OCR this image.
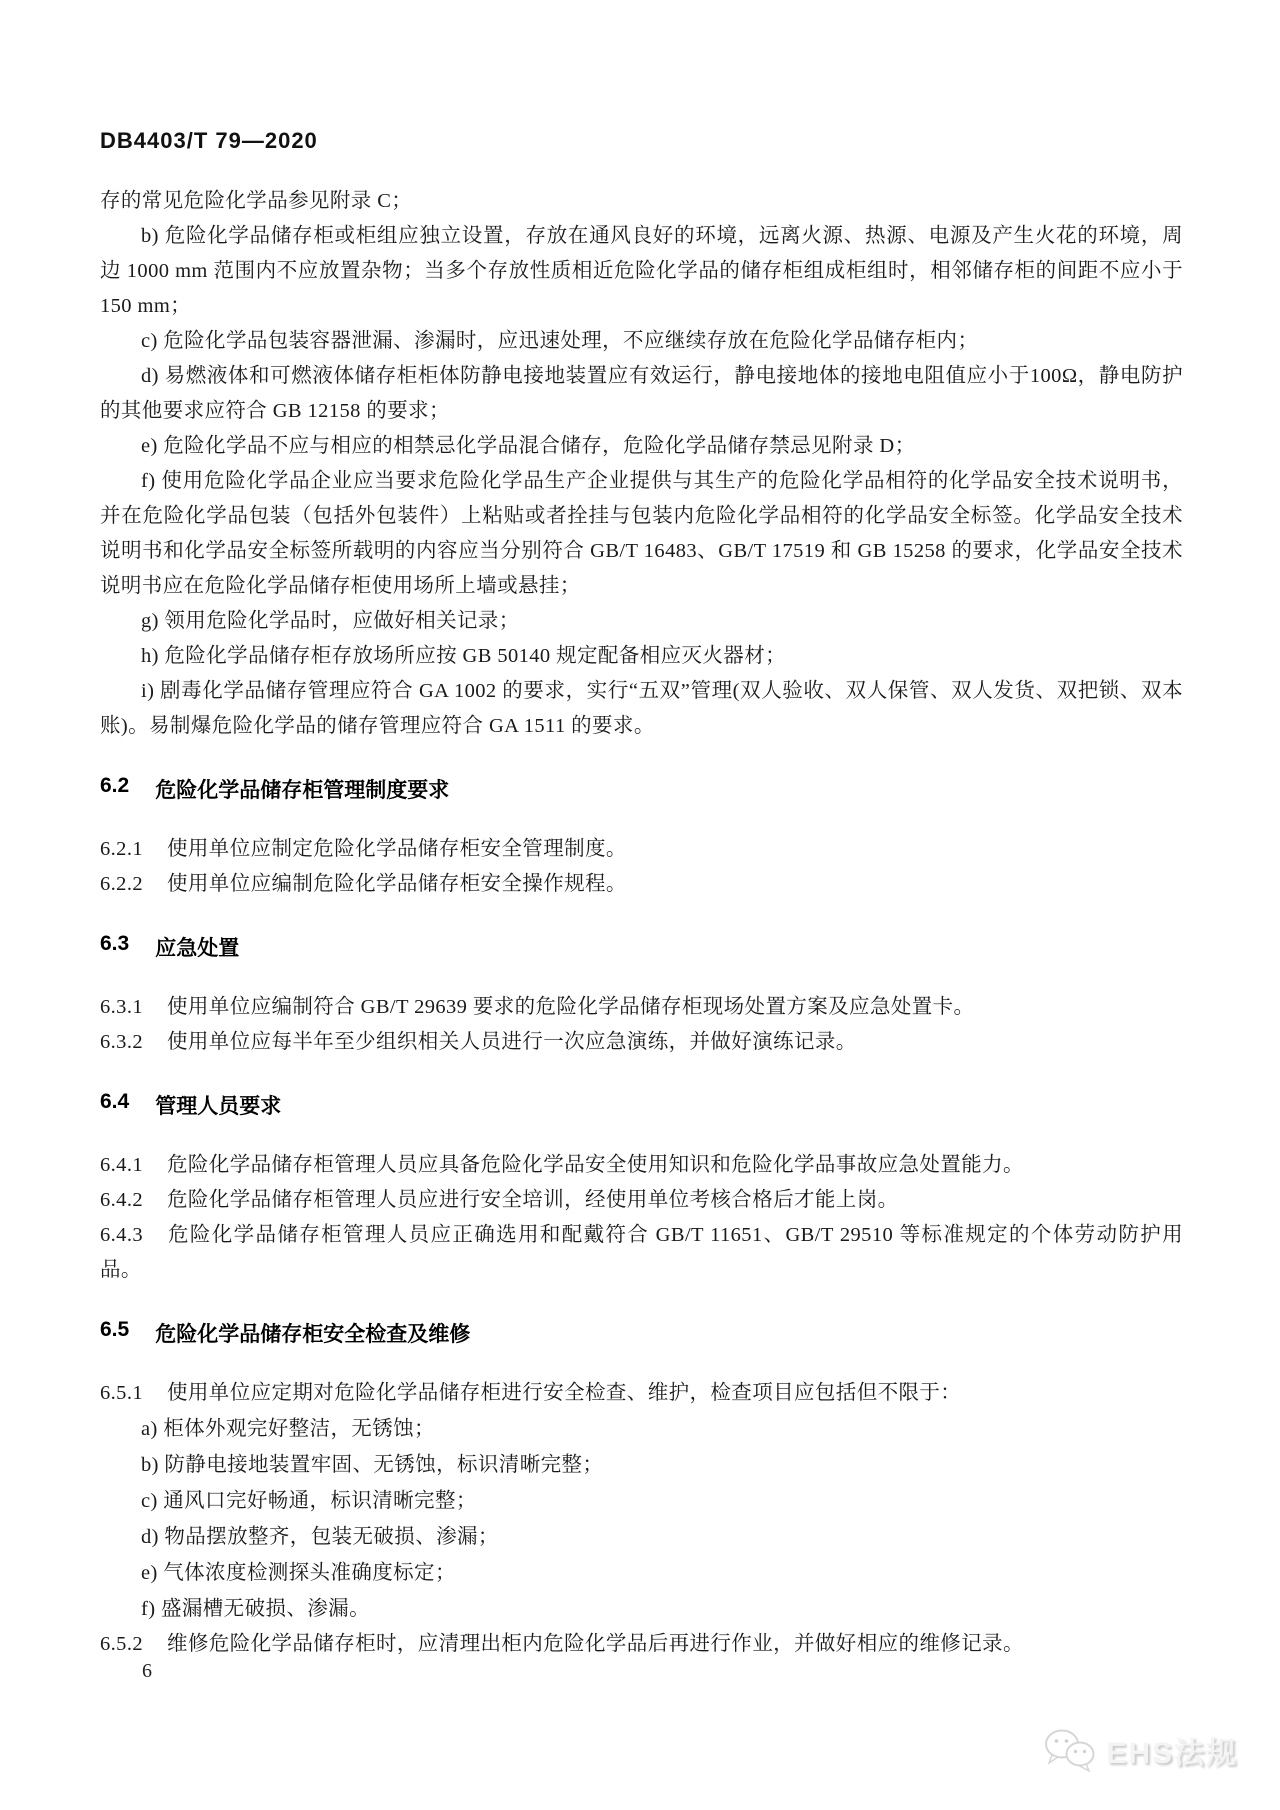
DB4403/T 79—2020

存的常见危险化学品参见附录 C；

b) 危险化学品储存柜或柜组应独立设置，存放在通风良好的环境，远离火源、热源、电源及产生火花的环境，周边 1000 mm 范围内不应放置杂物；当多个存放性质相近危险化学品的储存柜组成柜组时，相邻储存柜的间距不应小于 150 mm；

c) 危险化学品包装容器泄漏、渗漏时，应迅速处理，不应继续存放在危险化学品储存柜内；

d) 易燃液体和可燃液体储存柜柜体防静电接地装置应有效运行，静电接地体的接地电阻值应小于100Ω，静电防护的其他要求应符合 GB 12158 的要求；

e) 危险化学品不应与相应的相禁忌化学品混合储存，危险化学品储存禁忌见附录 D；

f) 使用危险化学品企业应当要求危险化学品生产企业提供与其生产的危险化学品相符的化学品安全技术说明书，并在危险化学品包装（包括外包装件）上粘贴或者拴挂与包装内危险化学品相符的化学品安全标签。化学品安全技术说明书和化学品安全标签所载明的内容应当分别符合 GB/T 16483、GB/T 17519 和 GB 15258 的要求，化学品安全技术说明书应在危险化学品储存柜使用场所上墙或悬挂；

g) 领用危险化学品时，应做好相关记录；

h) 危险化学品储存柜存放场所应按 GB 50140 规定配备相应灭火器材；

i) 剧毒化学品储存管理应符合 GA 1002 的要求，实行“五双”管理(双人验收、双人保管、双人发货、双把锁、双本账)。易制爆危险化学品的储存管理应符合 GA 1511 的要求。

6.2 危险化学品储存柜管理制度要求

6.2.1 使用单位应制定危险化学品储存柜安全管理制度。

6.2.2 使用单位应编制危险化学品储存柜安全操作规程。

6.3 应急处置

6.3.1 使用单位应编制符合 GB/T 29639 要求的危险化学品储存柜现场处置方案及应急处置卡。

6.3.2 使用单位应每半年至少组织相关人员进行一次应急演练，并做好演练记录。

6.4 管理人员要求

6.4.1 危险化学品储存柜管理人员应具备危险化学品安全使用知识和危险化学品事故应急处置能力。

6.4.2 危险化学品储存柜管理人员应进行安全培训，经使用单位考核合格后才能上岗。

6.4.3 危险化学品储存柜管理人员应正确选用和配戴符合 GB/T 11651、GB/T 29510 等标准规定的个体劳动防护用品。

6.5 危险化学品储存柜安全检查及维修

6.5.1 使用单位应定期对危险化学品储存柜进行安全检查、维护，检查项目应包括但不限于：

a) 柜体外观完好整洁，无锈蚀；

b) 防静电接地装置牢固、无锈蚀，标识清晰完整；

c) 通风口完好畅通，标识清晰完整；

d) 物品摆放整齐，包装无破损、渗漏；

e) 气体浓度检测探头准确度标定；

f) 盛漏槽无破损、渗漏。

6.5.2 维修危险化学品储存柜时，应清理出柜内危险化学品后再进行作业，并做好相应的维修记录。

6
EHS法规
